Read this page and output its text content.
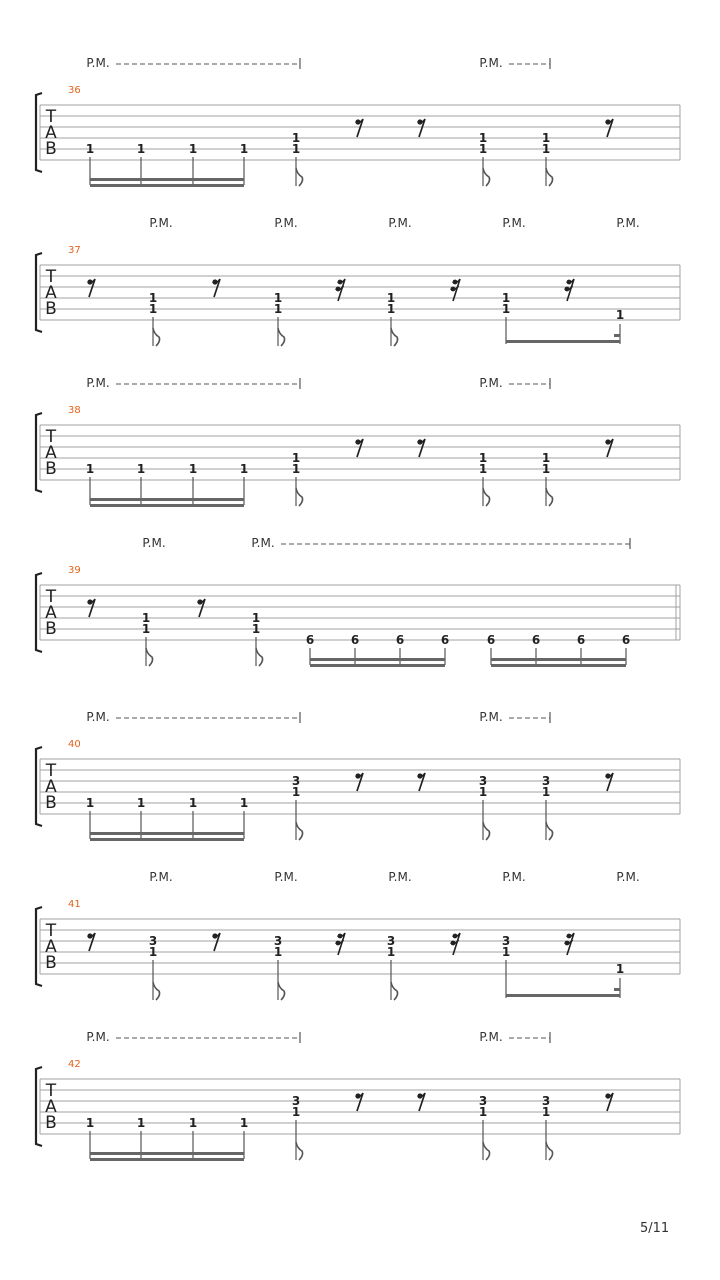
T
A
B
36
P.M.	P.M.
1	1	1	1
1
1
1
1
1
1
T
A
B
37
P.M.	P.M.	P.M.	P.M.	P.M.
1
1
1
1
1
1
1
1	1
T
A
B
38
P.M.	P.M.
1	1	1	1
1
1
1
1
1
1
T
A
B
39
P.M.	P.M.
1
1
1
1
6	6	6	6	6	6	6	6
T
A
B
40
P.M.	P.M.
1	1	1	1
3
1
3
1
3
1
T
A
B
41
P.M.	P.M.	P.M.	P.M.	P.M.
3
1
3
1
3
1
3
1
1
T
A
B
42
P.M.	P.M.
1	1	1	1
3
1
3
1
3
1
5/11
